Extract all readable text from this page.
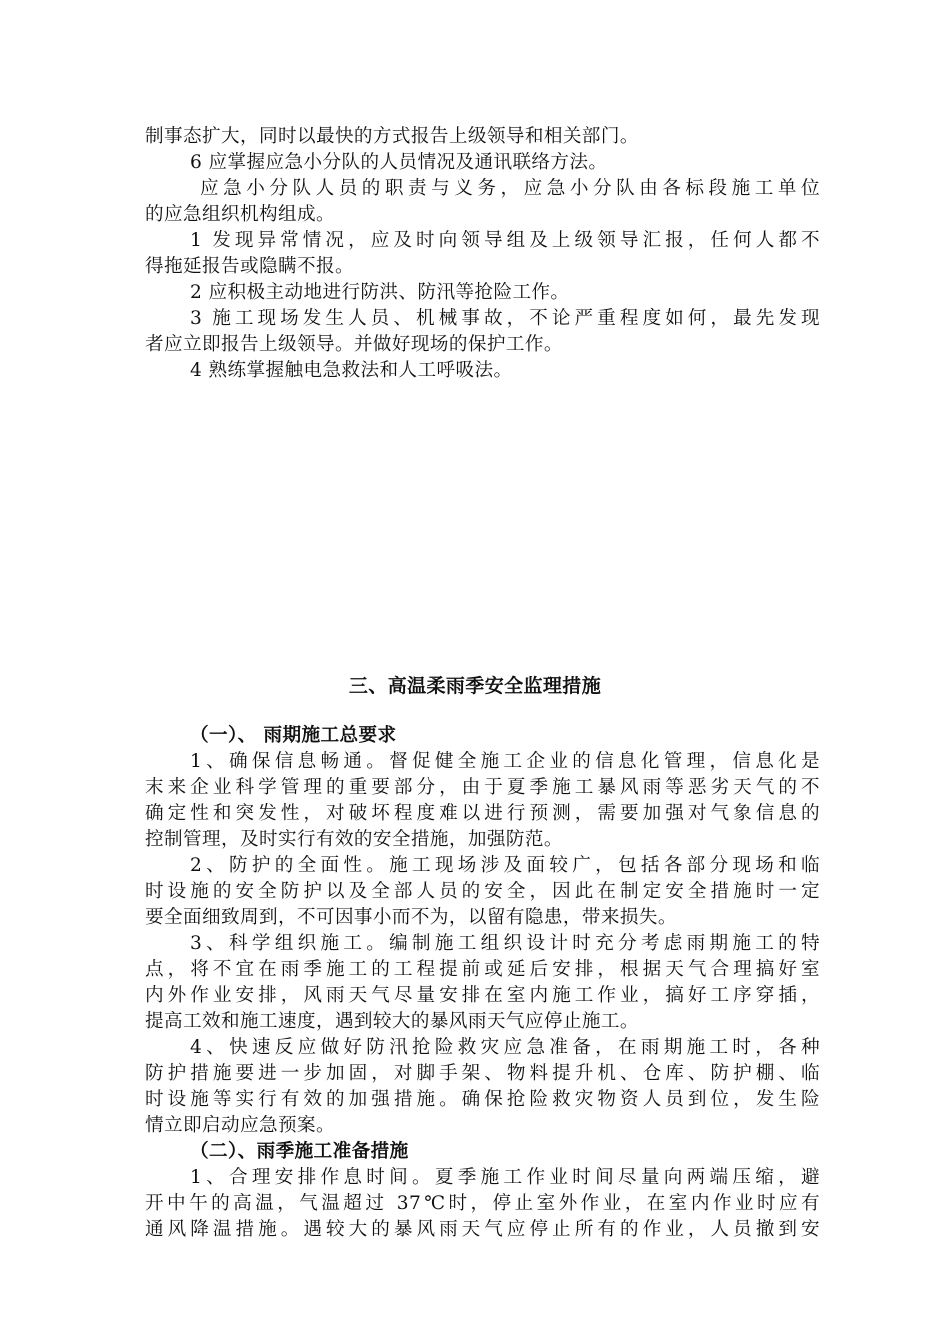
制事态扩大，同时以最快的方式报告上级领导和相关部门。
6 应掌握应急小分队的人员情况及通讯联络方法。
应急小分队人员的职责与义务，应急小分队由各标段施工单位
的应急组织机构组成。
1 发现异常情况，应及时向领导组及上级领导汇报，任何人都不
得拖延报告或隐瞒不报。
2 应积极主动地进行防洪、防汛等抢险工作。
3 施工现场发生人员、机械事故，不论严重程度如何，最先发现
者应立即报告上级领导。并做好现场的保护工作。
4 熟练掌握触电急救法和人工呼吸法。
三、高温柔雨季安全监理措施
（一）、 雨期施工总要求
1、确保信息畅通。督促健全施工企业的信息化管理，信息化是
末来企业科学管理的重要部分，由于夏季施工暴风雨等恶劣天气的不
确定性和突发性，对破坏程度难以进行预测，需要加强对气象信息的
控制管理，及时实行有效的安全措施，加强防范。
2、防护的全面性。施工现场涉及面较广，包括各部分现场和临
时设施的安全防护以及全部人员的安全，因此在制定安全措施时一定
要全面细致周到，不可因事小而不为，以留有隐患，带来损失。
3、科学组织施工。编制施工组织设计时充分考虑雨期施工的特
点，将不宜在雨季施工的工程提前或延后安排，根据天气合理搞好室
内外作业安排，风雨天气尽量安排在室内施工作业，搞好工序穿插，
提高工效和施工速度，遇到较大的暴风雨天气应停止施工。
4、快速反应做好防汛抢险救灾应急准备，在雨期施工时，各种
防护措施要进一步加固，对脚手架、物料提升机、仓库、防护棚、临
时设施等实行有效的加强措施。确保抢险救灾物资人员到位，发生险
情立即启动应急预案。
（二）、雨季施工准备措施
1、合理安排作息时间。夏季施工作业时间尽量向两端压缩，避
开中午的高温，气温超过 37℃时，停止室外作业，在室内作业时应有
通风降温措施。遇较大的暴风雨天气应停止所有的作业，人员撤到安
